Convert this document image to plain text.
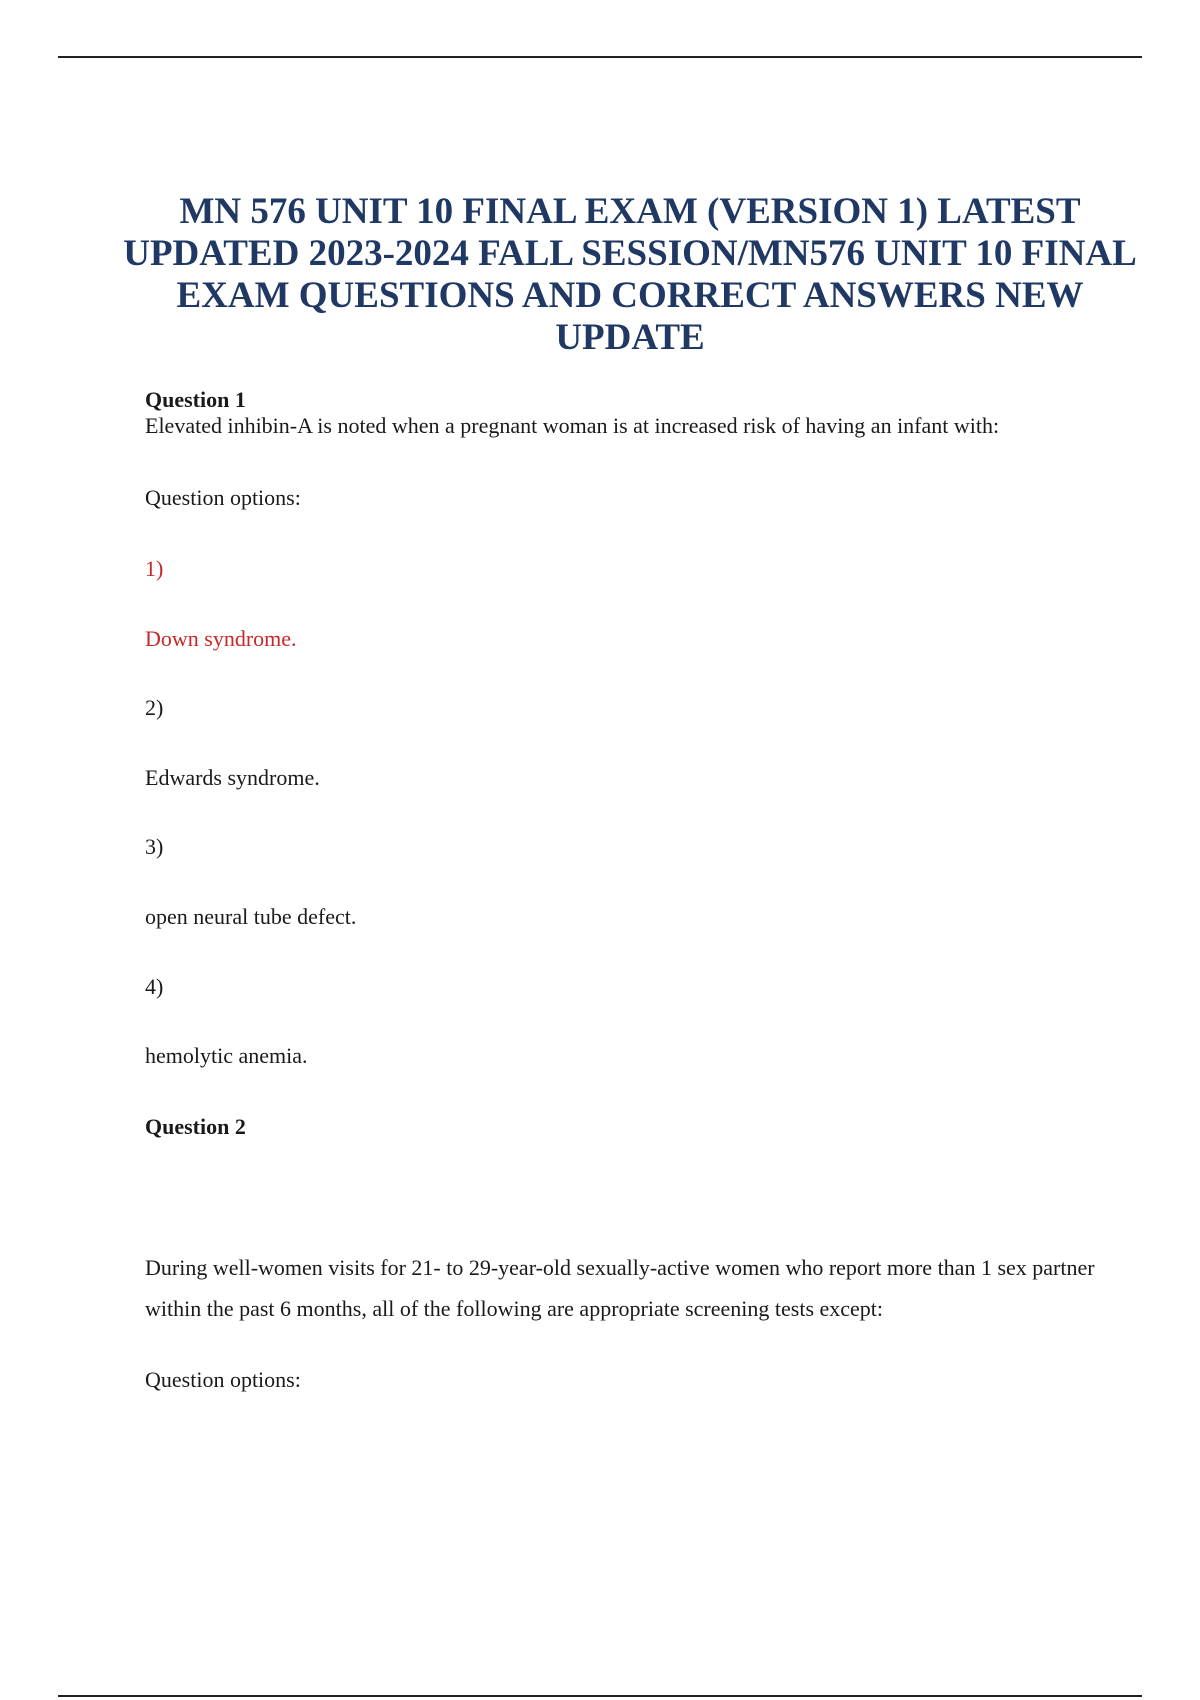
MN 576 UNIT 10 FINAL EXAM (VERSION 1) LATEST UPDATED 2023-2024 FALL SESSION/MN576 UNIT 10 FINAL EXAM QUESTIONS AND CORRECT ANSWERS NEW UPDATE

Question 1

Elevated inhibin-A is noted when a pregnant woman is at increased risk of having an infant with:

Question options:

1)

Down syndrome.

2)

Edwards syndrome.

3)

open neural tube defect.

4)

hemolytic anemia.

Question 2

During well-women visits for 21- to 29-year-old sexually-active women who report more than 1 sex partner within the past 6 months, all of the following are appropriate screening tests except:

Question options:
